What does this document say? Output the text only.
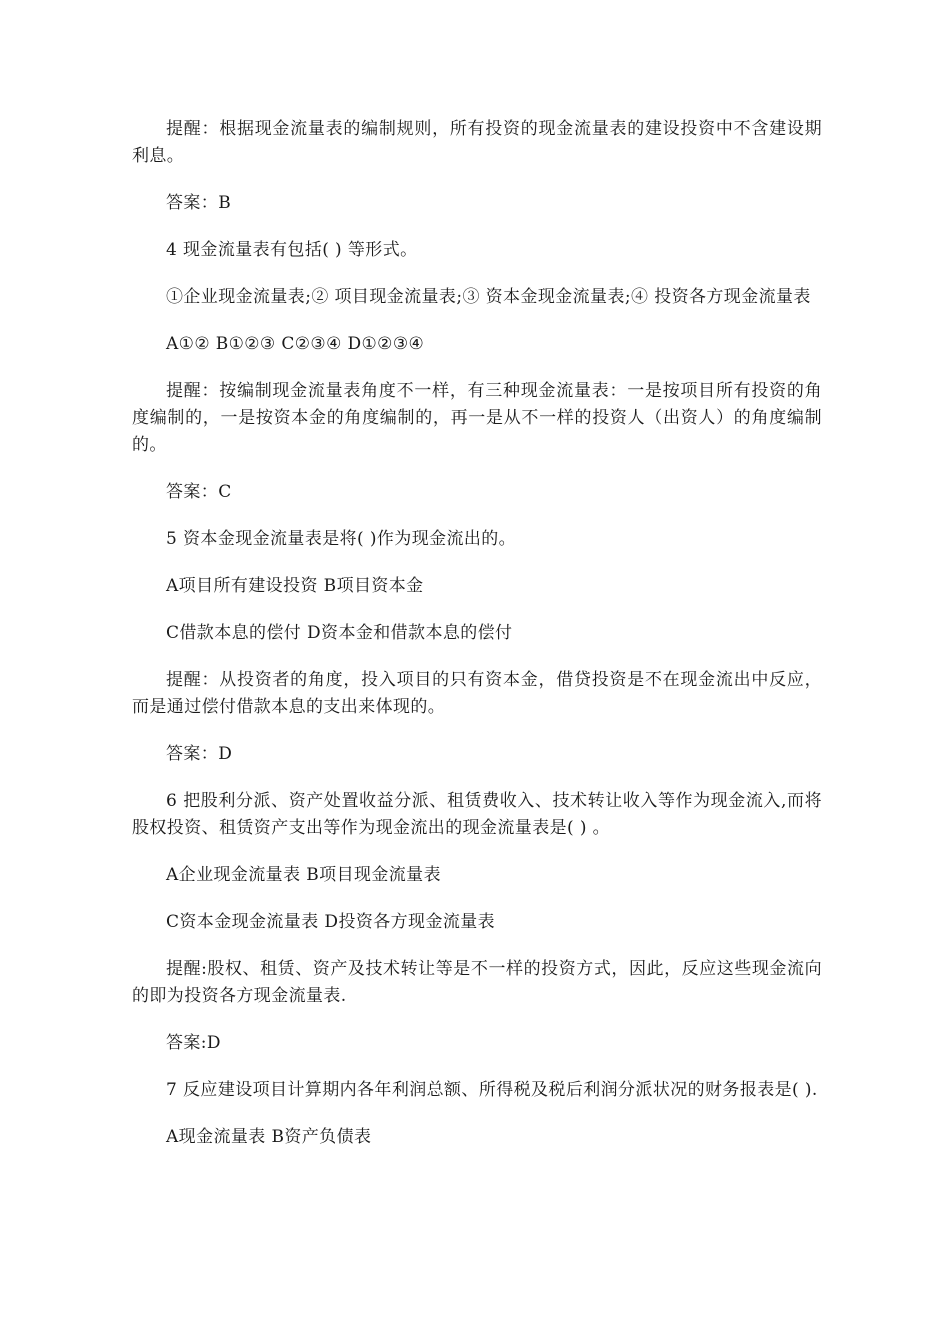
提醒：根据现金流量表的编制规则，所有投资的现金流量表的建设投资中不含建设期利息。

答案：B

4 现金流量表有包括( ) 等形式。

①企业现金流量表;② 项目现金流量表;③ 资本金现金流量表;④ 投资各方现金流量表

A①② B①②③ C②③④ D①②③④

提醒：按编制现金流量表角度不一样，有三种现金流量表：一是按项目所有投资的角度编制的，一是按资本金的角度编制的，再一是从不一样的投资人（出资人）的角度编制的。

答案：C

5 资本金现金流量表是将( )作为现金流出的。

A项目所有建设投资 B项目资本金

C借款本息的偿付 D资本金和借款本息的偿付

提醒：从投资者的角度，投入项目的只有资本金，借贷投资是不在现金流出中反应，而是通过偿付借款本息的支出来体现的。

答案：D

6 把股利分派、资产处置收益分派、租赁费收入、技术转让收入等作为现金流入,而将股权投资、租赁资产支出等作为现金流出的现金流量表是( ) 。

A企业现金流量表 B项目现金流量表

C资本金现金流量表 D投资各方现金流量表

提醒:股权、租赁、资产及技术转让等是不一样的投资方式，因此，反应这些现金流向的即为投资各方现金流量表.

答案:D

7 反应建设项目计算期内各年利润总额、所得税及税后利润分派状况的财务报表是( ).

A现金流量表 B资产负债表
